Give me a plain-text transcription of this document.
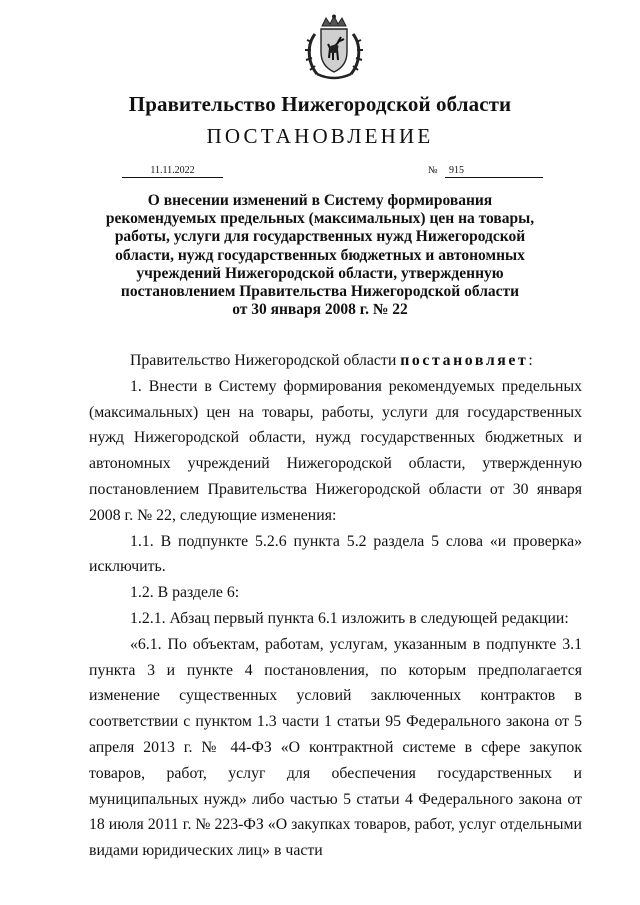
Правительство Нижегородской области
ПОСТАНОВЛЕНИЕ
11.11.2022	№	915
О внесении изменений в Систему формирования
рекомендуемых предельных (максимальных) цен на товары,
работы, услуги для государственных нужд Нижегородской
области, нужд государственных бюджетных и автономных
учреждений Нижегородской области, утвержденную
постановлением Правительства Нижегородской области
от 30 января 2008 г. № 22

Правительство Нижегородской области постановляет:

1. Внести в Систему формирования рекомендуемых предельных (максимальных) цен на товары, работы, услуги для государственных нужд Нижегородской области, нужд государственных бюджетных и автономных учреждений Нижегородской области, утвержденную постановлением Правительства Нижегородской области от 30 января 2008 г. № 22, следующие изменения:

1.1. В подпункте 5.2.6 пункта 5.2 раздела 5 слова «и проверка» исключить.

1.2. В разделе 6:

1.2.1. Абзац первый пункта 6.1 изложить в следующей редакции:

«6.1. По объектам, работам, услугам, указанным в подпункте 3.1 пункта 3 и пункте 4 постановления, по которым предполагается изменение существенных условий заключенных контрактов в соответствии с пунктом 1.3 части 1 статьи 95 Федерального закона от 5 апреля 2013 г. № 44-ФЗ «О контрактной системе в сфере закупок товаров, работ, услуг для обеспечения государственных и муниципальных нужд» либо частью 5 статьи 4 Федерального закона от 18 июля 2011 г. № 223-ФЗ «О закупках товаров, работ, услуг отдельными видами юридических лиц» в части
